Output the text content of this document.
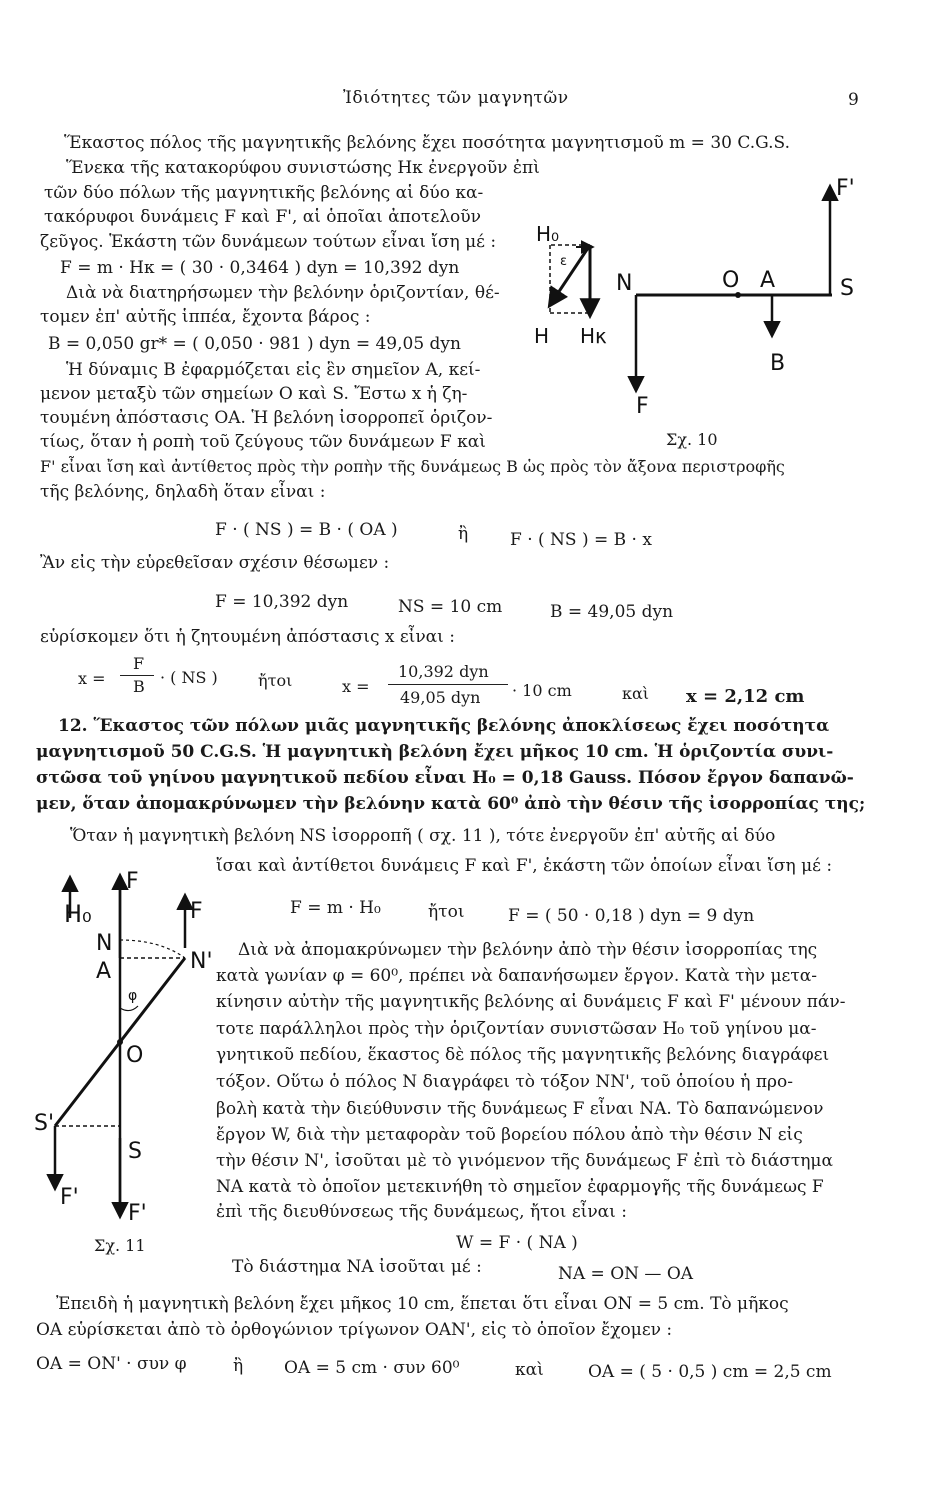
Ἰδιότητες τῶν μαγνητῶν	9
Ἕκαστος πόλος τῆς μαγνητικῆς βελόνης ἔχει ποσότητα μαγνητισμοῦ m = 30 C.G.S.
Ἕνεκα τῆς κατακορύφου συνιστώσης Hκ ἐνεργοῦν ἐπὶ
τῶν δύο πόλων τῆς μαγνητικῆς βελόνης αἱ δύο κα-
τακόρυφοι δυνάμεις F καὶ F', αἱ ὁποῖαι ἀποτελοῦν
ζεῦγος. Ἑκάστη τῶν δυνάμεων τούτων εἶναι ἴση μέ :
F = m · Hκ = ( 30 · 0,3464 ) dyn = 10,392 dyn
Διὰ νὰ διατηρήσωμεν τὴν βελόνην ὁριζοντίαν, θέ-
τομεν ἐπ' αὐτῆς ἱππέα, ἔχοντα βάρος :
B = 0,050 gr* = ( 0,050 · 981 ) dyn = 49,05 dyn
Ἡ δύναμις B ἐφαρμόζεται εἰς ἓν σημεῖον A, κεί-
μενον μεταξὺ τῶν σημείων O καὶ S. Ἔστω x ἡ ζη-
τουμένη ἀπόστασις OA. Ἡ βελόνη ἰσορροπεῖ ὁριζον-
τίως, ὅταν ἡ ροπὴ τοῦ ζεύγους τῶν δυνάμεων F καὶ
F' εἶναι ἴση καὶ ἀντίθετος πρὸς τὴν ροπὴν τῆς δυνάμεως B ὡς πρὸς τὸν ἄξονα περιστροφῆς
τῆς βελόνης, δηλαδὴ ὅταν εἶναι :
F · ( NS ) = B · ( OA )	ἢ F · ( NS ) = B · x
Ἂν εἰς τὴν εὑρεθεῖσαν σχέσιν θέσωμεν :
F = 10,392 dyn	NS = 10 cm	B = 49,05 dyn
εὑρίσκομεν ὅτι ἡ ζητουμένη ἀπόστασις x εἶναι :
x =
F
B · ( NS )	ἤτοι	x =
10,392 dyn
49,05 dyn · 10 cm	καὶ x = 2,12 cm
12. Ἕκαστος τῶν πόλων μιᾶς μαγνητικῆς βελόνης ἀποκλίσεως ἔχει ποσότητα
μαγνητισμοῦ 50 C.G.S. Ἡ μαγνητικὴ βελόνη ἔχει μῆκος 10 cm. Ἡ ὁριζοντία συνι-
στῶσα τοῦ γηίνου μαγνητικοῦ πεδίου εἶναι H₀ = 0,18 Gauss. Πόσον ἔργον δαπανῶ-
μεν, ὅταν ἀπομακρύνωμεν τὴν βελόνην κατὰ 60⁰ ἀπὸ τὴν θέσιν τῆς ἰσορροπίας της;
Ὅταν ἡ μαγνητικὴ βελόνη NS ἰσορροπῆ ( σχ. 11 ), τότε ἐνεργοῦν ἐπ' αὐτῆς αἱ δύο
ἴσαι καὶ ἀντίθετοι δυνάμεις F καὶ F', ἑκάστη τῶν ὁποίων εἶναι ἴση μέ :
F = m · H₀	ἤτοι	F = ( 50 · 0,18 ) dyn = 9 dyn
Διὰ νὰ ἀπομακρύνωμεν τὴν βελόνην ἀπὸ τὴν θέσιν ἰσορροπίας της
κατὰ γωνίαν φ = 60⁰, πρέπει νὰ δαπανήσωμεν ἔργον. Κατὰ τὴν μετα-
κίνησιν αὐτὴν τῆς μαγνητικῆς βελόνης αἱ δυνάμεις F καὶ F' μένουν πάν-
τοτε παράλληλοι πρὸς τὴν ὁριζοντίαν συνιστῶσαν H₀ τοῦ γηίνου μα-
γνητικοῦ πεδίου, ἕκαστος δὲ πόλος τῆς μαγνητικῆς βελόνης διαγράφει
τόξον. Οὕτω ὁ πόλος N διαγράφει τὸ τόξον NN', τοῦ ὁποίου ἡ προ-
βολὴ κατὰ τὴν διεύθυνσιν τῆς δυνάμεως F εἶναι NA. Τὸ δαπανώμενον
ἔργον W, διὰ τὴν μεταφορὰν τοῦ βορείου πόλου ἀπὸ τὴν θέσιν N εἰς
τὴν θέσιν N', ἰσοῦται μὲ τὸ γινόμενον τῆς δυνάμεως F ἐπὶ τὸ διάστημα
NA κατὰ τὸ ὁποῖον μετεκινήθη τὸ σημεῖον ἐφαρμογῆς τῆς δυνάμεως F
ἐπὶ τῆς διευθύνσεως τῆς δυνάμεως, ἤτοι εἶναι :
W = F · ( NA )
Τὸ διάστημα NA ἰσοῦται μέ :	NA = ON — OA
Ἐπειδὴ ἡ μαγνητικὴ βελόνη ἔχει μῆκος 10 cm, ἕπεται ὅτι εἶναι ON = 5 cm. Τὸ μῆκος
OA εὑρίσκεται ἀπὸ τὸ ὀρθογώνιον τρίγωνον OAN', εἰς τὸ ὁποῖον ἔχομεν :
OA = ON' · συν φ	ἢ OA = 5 cm · συν 60⁰	καὶ	OA = ( 5 · 0,5 ) cm = 2,5 cm
H₀
ε
H Hκ
N	O A	S
B
F
F'
Σχ. 10
H₀
F
F
N
N'
A
φ
O
S'
S
F'
F'
Σχ. 11
